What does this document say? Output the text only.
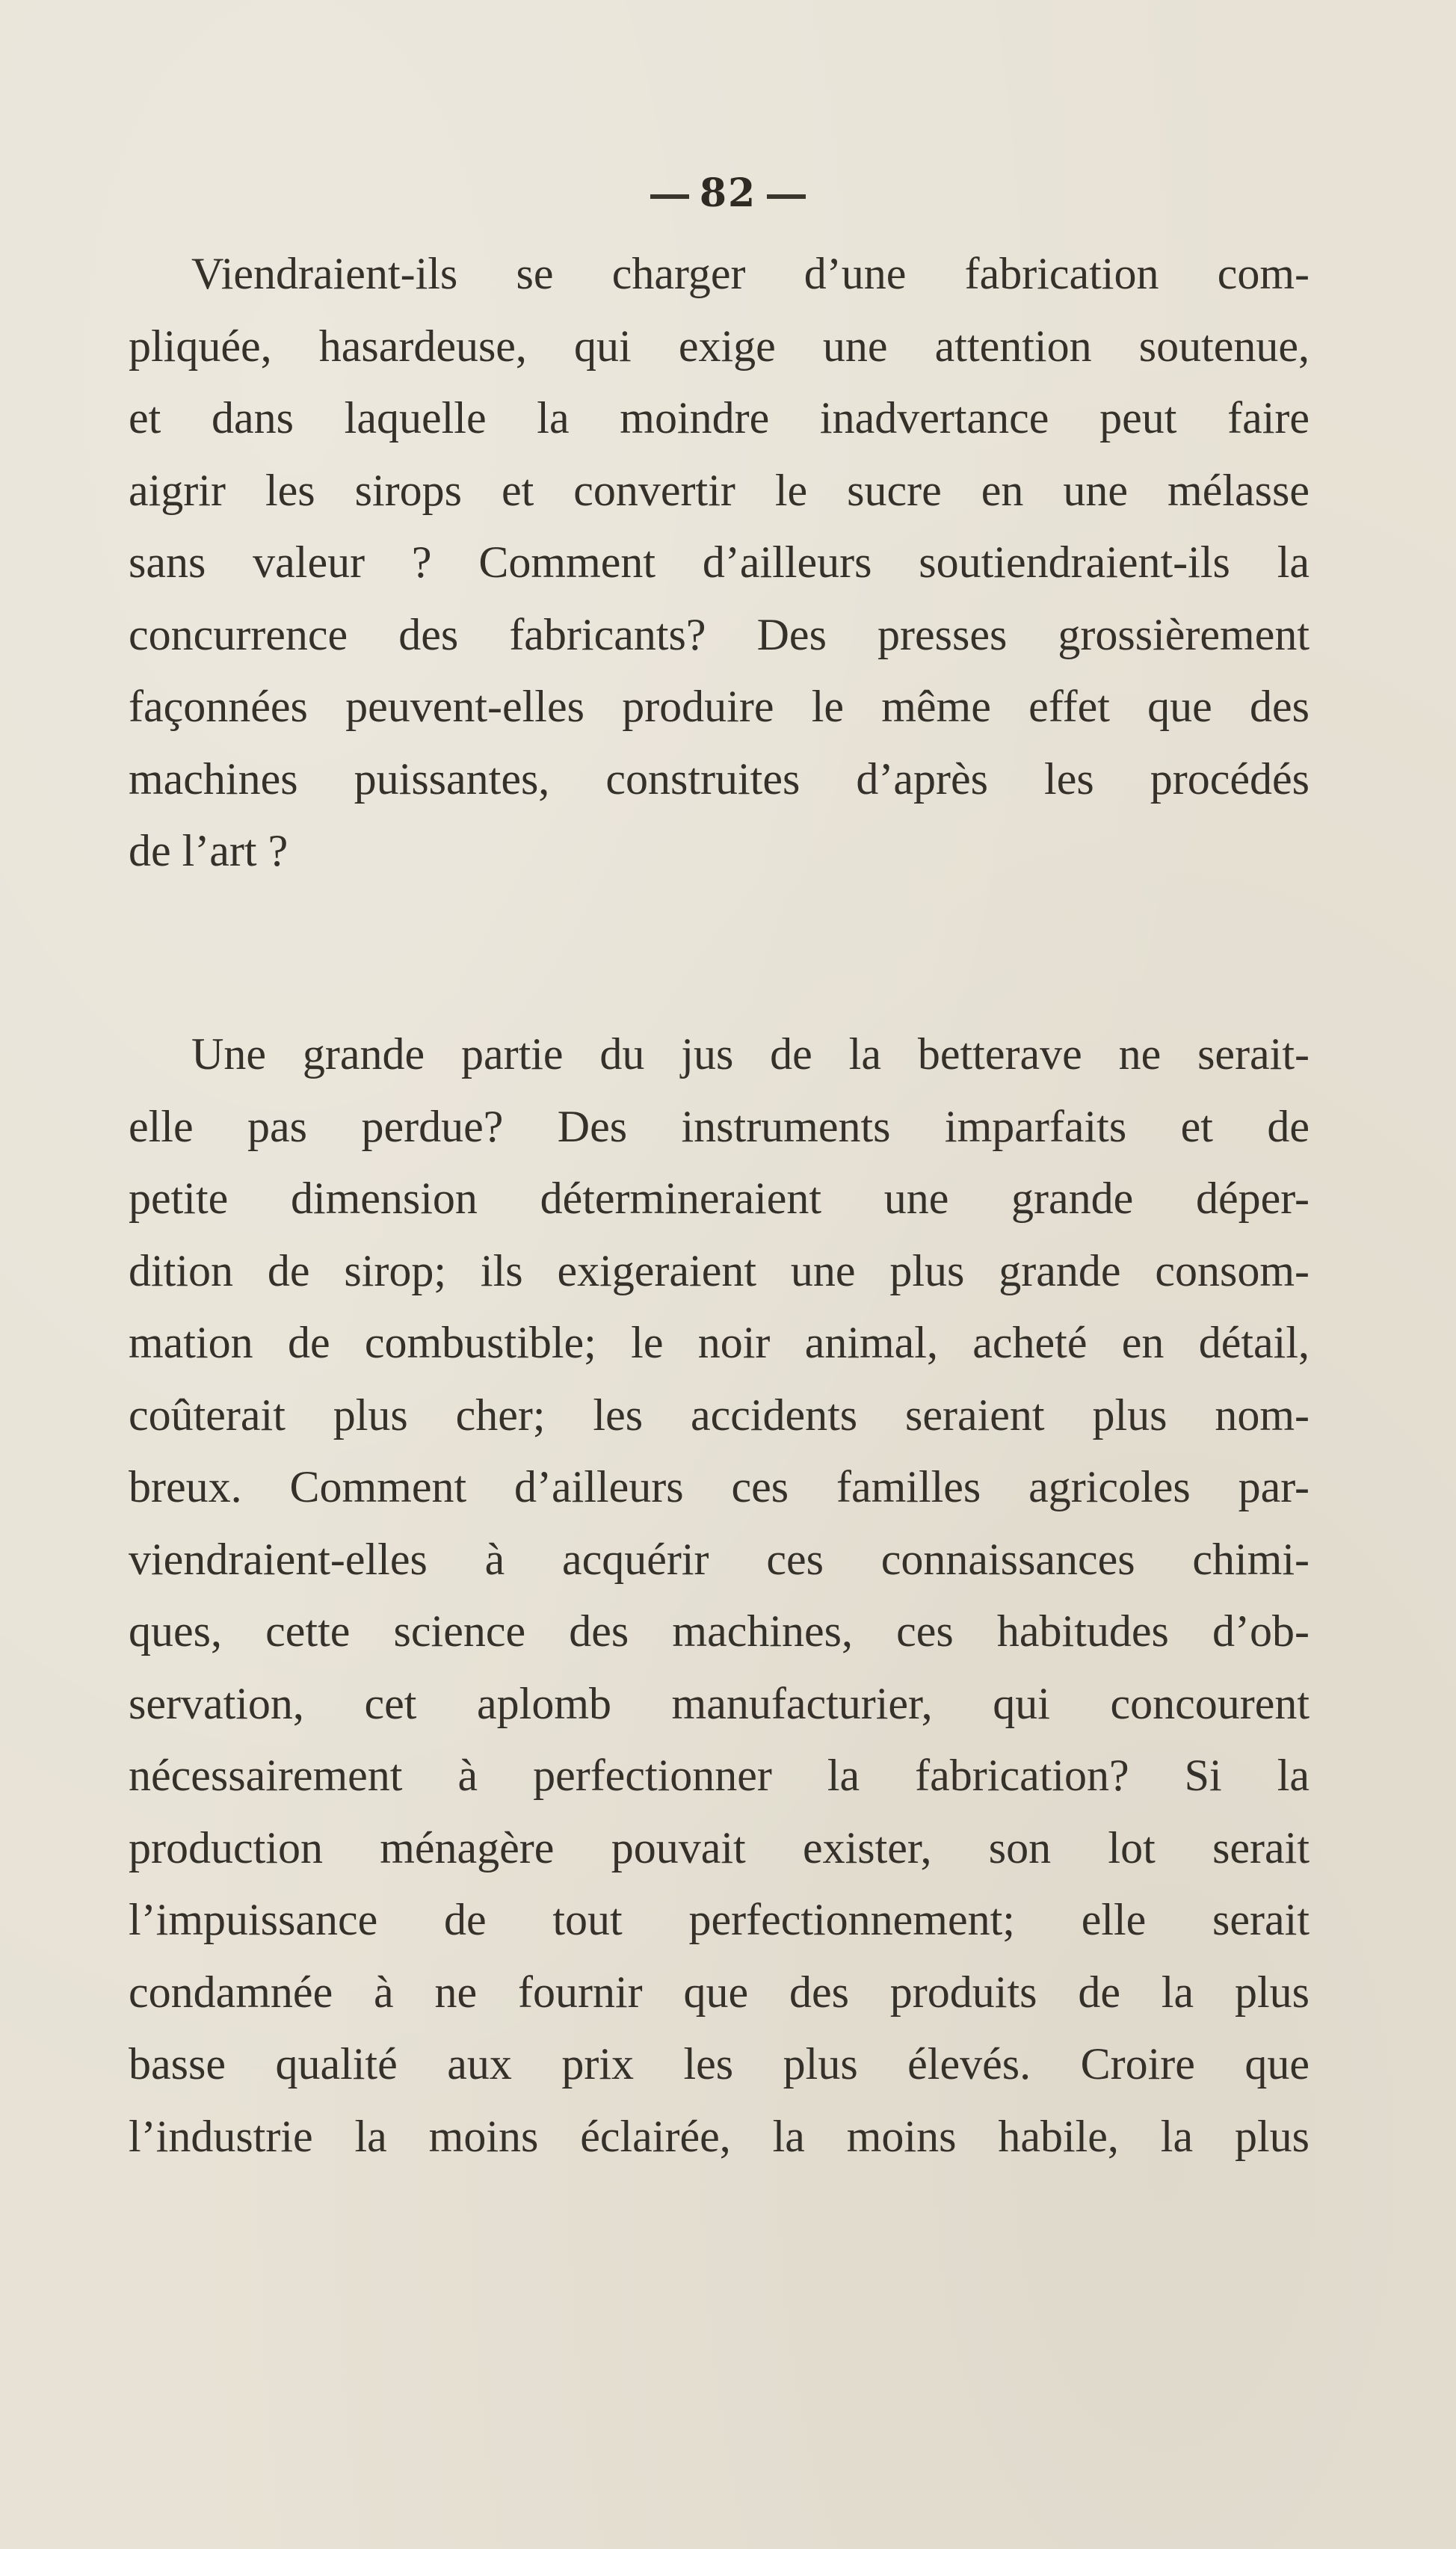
82
Viendraient-ils se charger d’une fabrication com-
pliquée, hasardeuse, qui exige une attention soutenue,
et dans laquelle la moindre inadvertance peut faire
aigrir les sirops et convertir le sucre en une mélasse
sans valeur ? Comment d’ailleurs soutiendraient-ils la
concurrence des fabricants? Des presses grossièrement
façonnées peuvent-elles produire le même effet que des
machines puissantes, construites d’après les procédés
de l’art ?
Une grande partie du jus de la betterave ne serait-
elle pas perdue? Des instruments imparfaits et de
petite dimension détermineraient une grande déper-
dition de sirop; ils exigeraient une plus grande consom-
mation de combustible; le noir animal, acheté en détail,
coûterait plus cher; les accidents seraient plus nom-
breux. Comment d’ailleurs ces familles agricoles par-
viendraient-elles à acquérir ces connaissances chimi-
ques, cette science des machines, ces habitudes d’ob-
servation, cet aplomb manufacturier, qui concourent
nécessairement à perfectionner la fabrication? Si la
production ménagère pouvait exister, son lot serait
l’impuissance de tout perfectionnement; elle serait
condamnée à ne fournir que des produits de la plus
basse qualité aux prix les plus élevés. Croire que
l’industrie la moins éclairée, la moins habile, la plus
